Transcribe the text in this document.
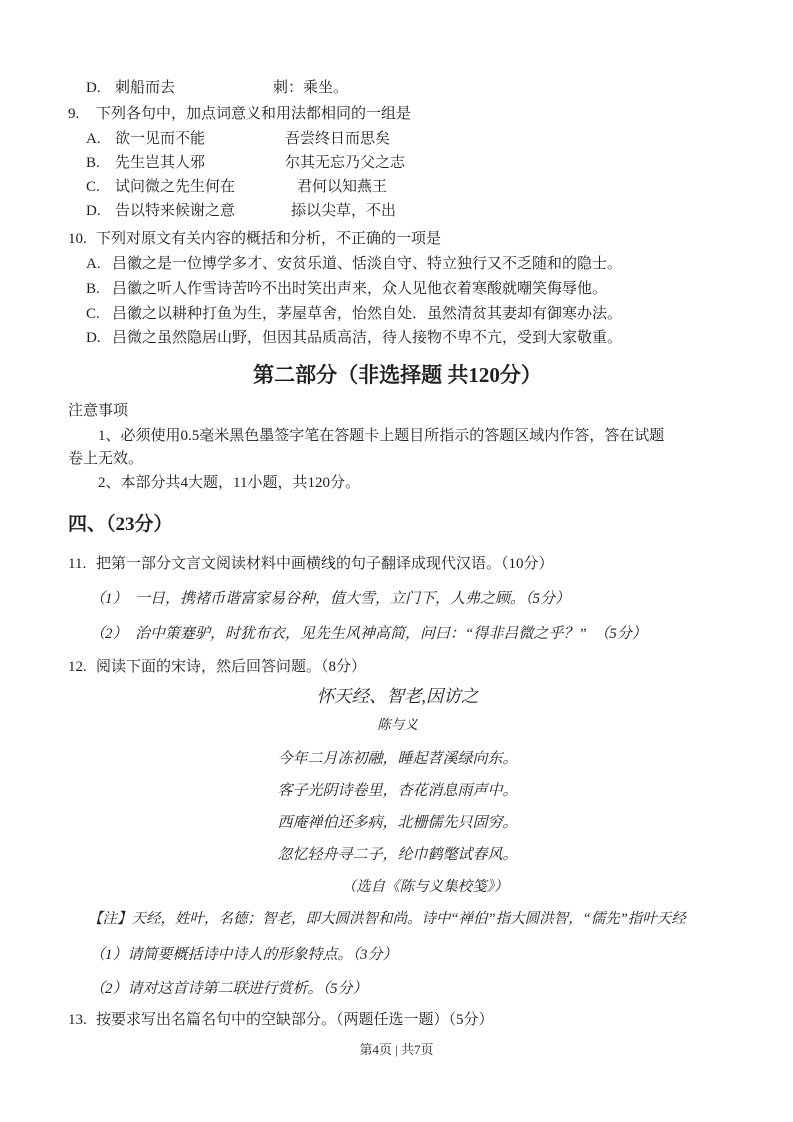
D. 刺船而去	刺：乘坐。
9.	下列各句中，加点词意义和用法都相同的一组是
A. 欲一见而不能	吾尝终日而思矣
B.	先生岂其人邪	尔其无忘乃父之志
C.	试问微之先生何在	君何以知燕王
D. 告以特来候谢之意	掭以尖草，不出
10. 下列对原文有关内容的概括和分析，不正确的一项是
A. 吕徽之是一位博学多才、安贫乐道、恬淡自守、特立独行又不乏随和的隐士。
B. 吕徽之听人作雪诗苦吟不出时笑出声来，众人见他衣着寒酸就嘲笑侮辱他。
C. 吕徽之以耕种打鱼为生，茅屋草舍，怡然自处．虽然清贫其妻却有御寒办法。
D. 吕微之虽然隐居山野，但因其品质高洁，待人接物不卑不亢，受到大家敬重。
第二部分（非选择题 共120分）
注意事项
1、必须使用0.5毫米黑色墨签字笔在答题卡上题目所指示的答题区域内作答，答在试题
卷上无效。
2、本部分共4大题，11小题，共120分。
四、（23分）
11. 把第一部分文言文阅读材料中画横线的句子翻译成现代汉语。（10分）
（1）　一日，携褚币谐富家易谷种，值大雪，立门下，人弗之顾。（5分）
（2）　治中策蹇驴，时犹布衣，见先生风神高简，问曰：“得非吕微之乎？”　（5分）
12. 阅读下面的宋诗，然后回答问题。（8分）
怀天经、智老,因访之
陈与义
今年二月冻初融，睡起苕溪绿向东。
客子光阴诗卷里，杏花消息雨声中。
西庵禅伯还多病，北栅儒先只固穷。
忽忆轻舟寻二子，纶巾鹤氅试春风。
（选自《陈与义集校笺》）
【注】天经，姓叶，名德；智老，即大圆洪智和尚。诗中“禅伯”指大圆洪智，“儒先”指叶天经
（1）请简要概括诗中诗人的形象特点。（3分）
（2）请对这首诗第二联进行赏析。（5分）
13. 按要求写出名篇名句中的空缺部分。（两题任选一题）（5分）
第4页 | 共7页
